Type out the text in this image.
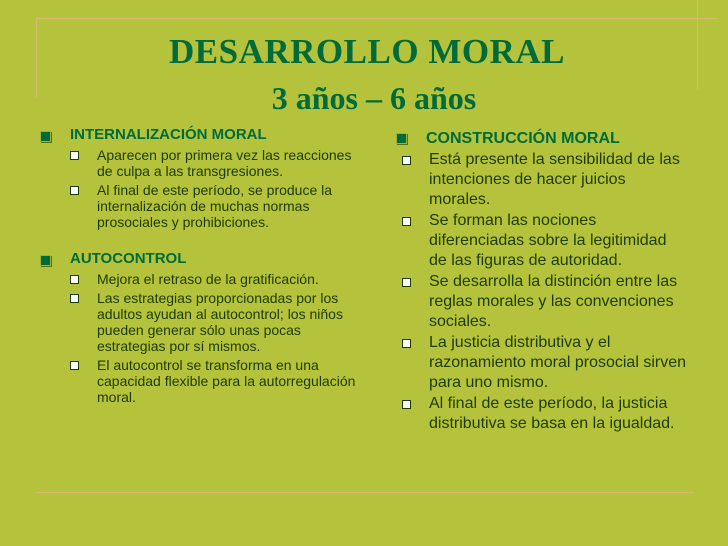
DESARROLLO MORAL
3 años – 6 años
INTERNALIZACIÓN MORAL
Aparecen por primera vez las reacciones de culpa a las transgresiones.
Al final de este período, se produce la internalización de muchas normas prosociales y prohibiciones.
AUTOCONTROL
Mejora el retraso de la gratificación.
Las estrategias proporcionadas por los adultos ayudan al autocontrol; los niños pueden generar sólo unas pocas estrategias por sí mismos.
El autocontrol se transforma en una capacidad flexible para la autorregulación moral.
CONSTRUCCIÓN MORAL
Está presente la sensibilidad de las intenciones de hacer juicios morales.
Se forman las nociones diferenciadas sobre la legitimidad de las figuras de autoridad.
Se desarrolla la distinción entre las reglas morales y las convenciones sociales.
La justicia distributiva y el razonamiento moral prosocial sirven para uno mismo.
Al final de este período, la justicia distributiva se basa en la igualdad.
